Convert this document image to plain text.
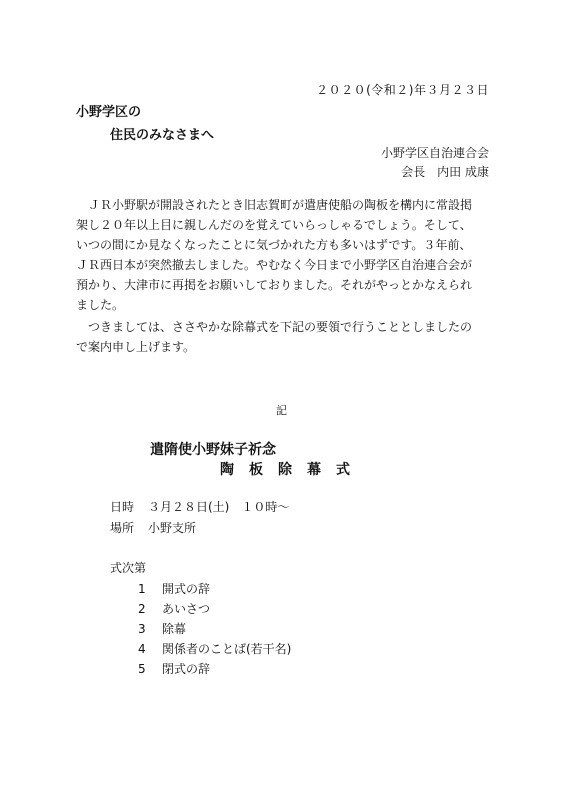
２０２０(令和２)年３月２３日
小野学区の
住民のみなさまへ
小野学区自治連合会
会長　内田 成康
　ＪＲ小野駅が開設されたとき旧志賀町が遣唐使船の陶板を構内に常設掲
架し２０年以上目に親しんだのを覚えていらっしゃるでしょう。そして、
いつの間にか見なくなったことに気づかれた方も多いはずです。３年前、
ＪＲ西日本が突然撤去しました。やむなく今日まで小野学区自治連合会が
預かり、大津市に再掲をお願いしておりました。それがやっとかなえられ
ました。
　つきましては、ささやかな除幕式を下記の要領で行うこととしましたの
で案内申し上げます。
記
遣隋使小野妹子祈念
陶板除幕式
日時 ３月２８日(土)　１０時～
場所 小野支所
式次第
1 開式の辞
2 あいさつ
3 除幕
4 関係者のことば(若干名)
5 閉式の辞
